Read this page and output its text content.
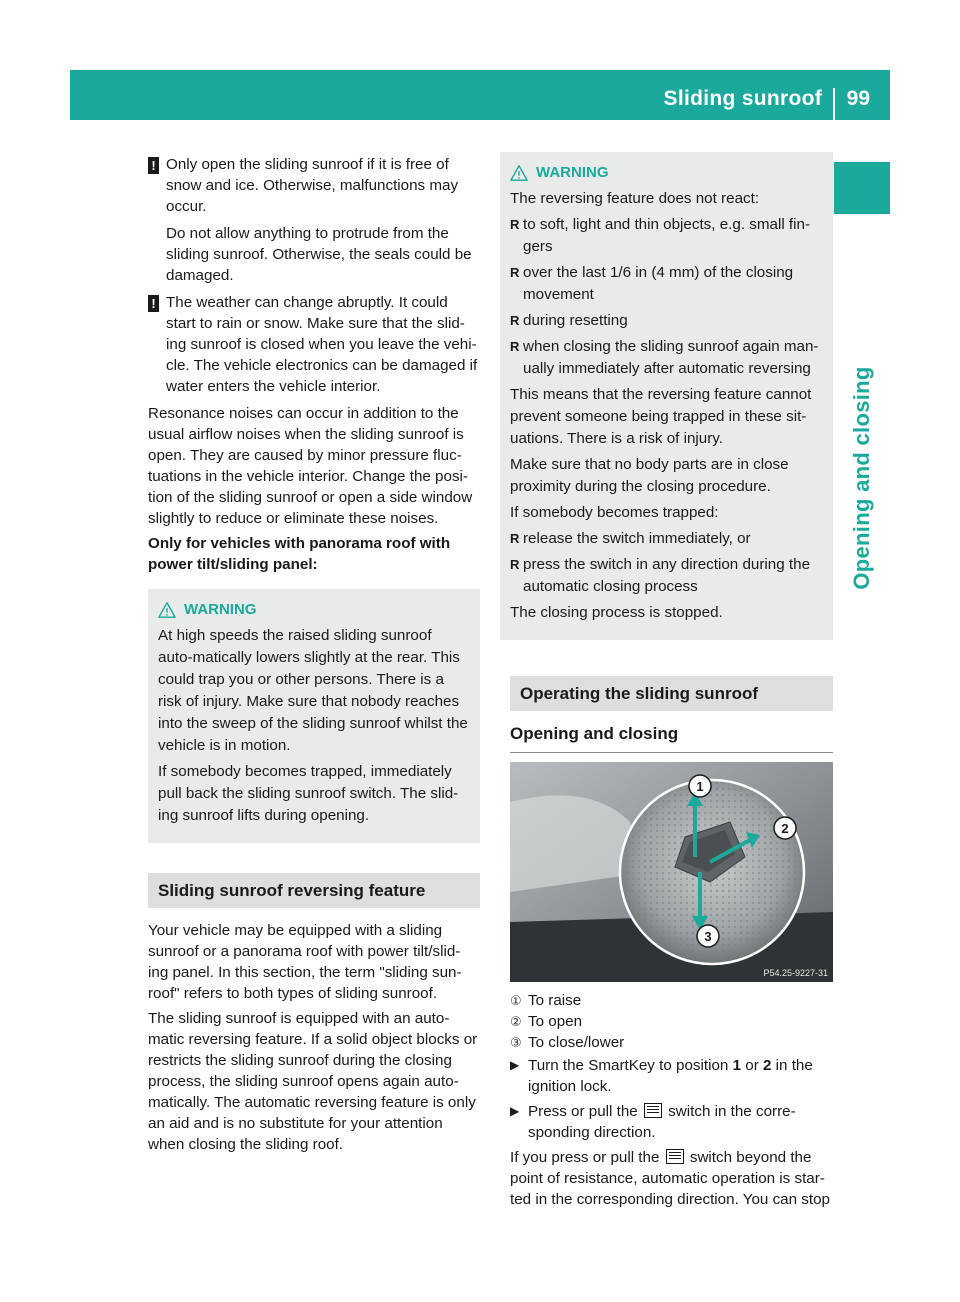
Sliding sunroof 99
Opening and closing
! Only open the sliding sunroof if it is free of snow and ice. Otherwise, malfunctions may occur.

Do not allow anything to protrude from the sliding sunroof. Otherwise, the seals could be damaged.

! The weather can change abruptly. It could start to rain or snow. Make sure that the slid-ing sunroof is closed when you leave the vehi-cle. The vehicle electronics can be damaged if water enters the vehicle interior.

Resonance noises can occur in addition to the usual airflow noises when the sliding sunroof is open. They are caused by minor pressure fluc-tuations in the vehicle interior. Change the posi-tion of the sliding sunroof or open a side window slightly to reduce or eliminate these noises.

Only for vehicles with panorama roof with power tilt/sliding panel:

WARNING

At high speeds the raised sliding sunroof auto-matically lowers slightly at the rear. This could trap you or other persons. There is a risk of injury. Make sure that nobody reaches into the sweep of the sliding sunroof whilst the vehicle is in motion.

If somebody becomes trapped, immediately pull back the sliding sunroof switch. The slid-ing sunroof lifts during opening.

Sliding sunroof reversing feature

Your vehicle may be equipped with a sliding sunroof or a panorama roof with power tilt/slid-ing panel. In this section, the term "sliding sun-roof" refers to both types of sliding sunroof.

The sliding sunroof is equipped with an auto-matic reversing feature. If a solid object blocks or restricts the sliding sunroof during the closing process, the sliding sunroof opens again auto-matically. The automatic reversing feature is only an aid and is no substitute for your attention when closing the sliding roof.

WARNING

The reversing feature does not react:

R to soft, light and thin objects, e.g. small fin-gers
R over the last 1/6 in (4 mm) of the closing movement
R during resetting
R when closing the sliding sunroof again man-ually immediately after automatic reversing

This means that the reversing feature cannot prevent someone being trapped in these sit-uations. There is a risk of injury.

Make sure that no body parts are in close proximity during the closing procedure.

If somebody becomes trapped:

R release the switch immediately, or
R press the switch in any direction during the automatic closing process

The closing process is stopped.

Operating the sliding sunroof
Opening and closing
1
2
3
P54.25-9227-31
① To raise
② To open
③ To close/lower
▶ Turn the SmartKey to position 1 or 2 in the ignition lock.
▶ Press or pull the  switch in the corre-sponding direction.

If you press or pull the  switch beyond the point of resistance, automatic operation is star-ted in the corresponding direction. You can stop
